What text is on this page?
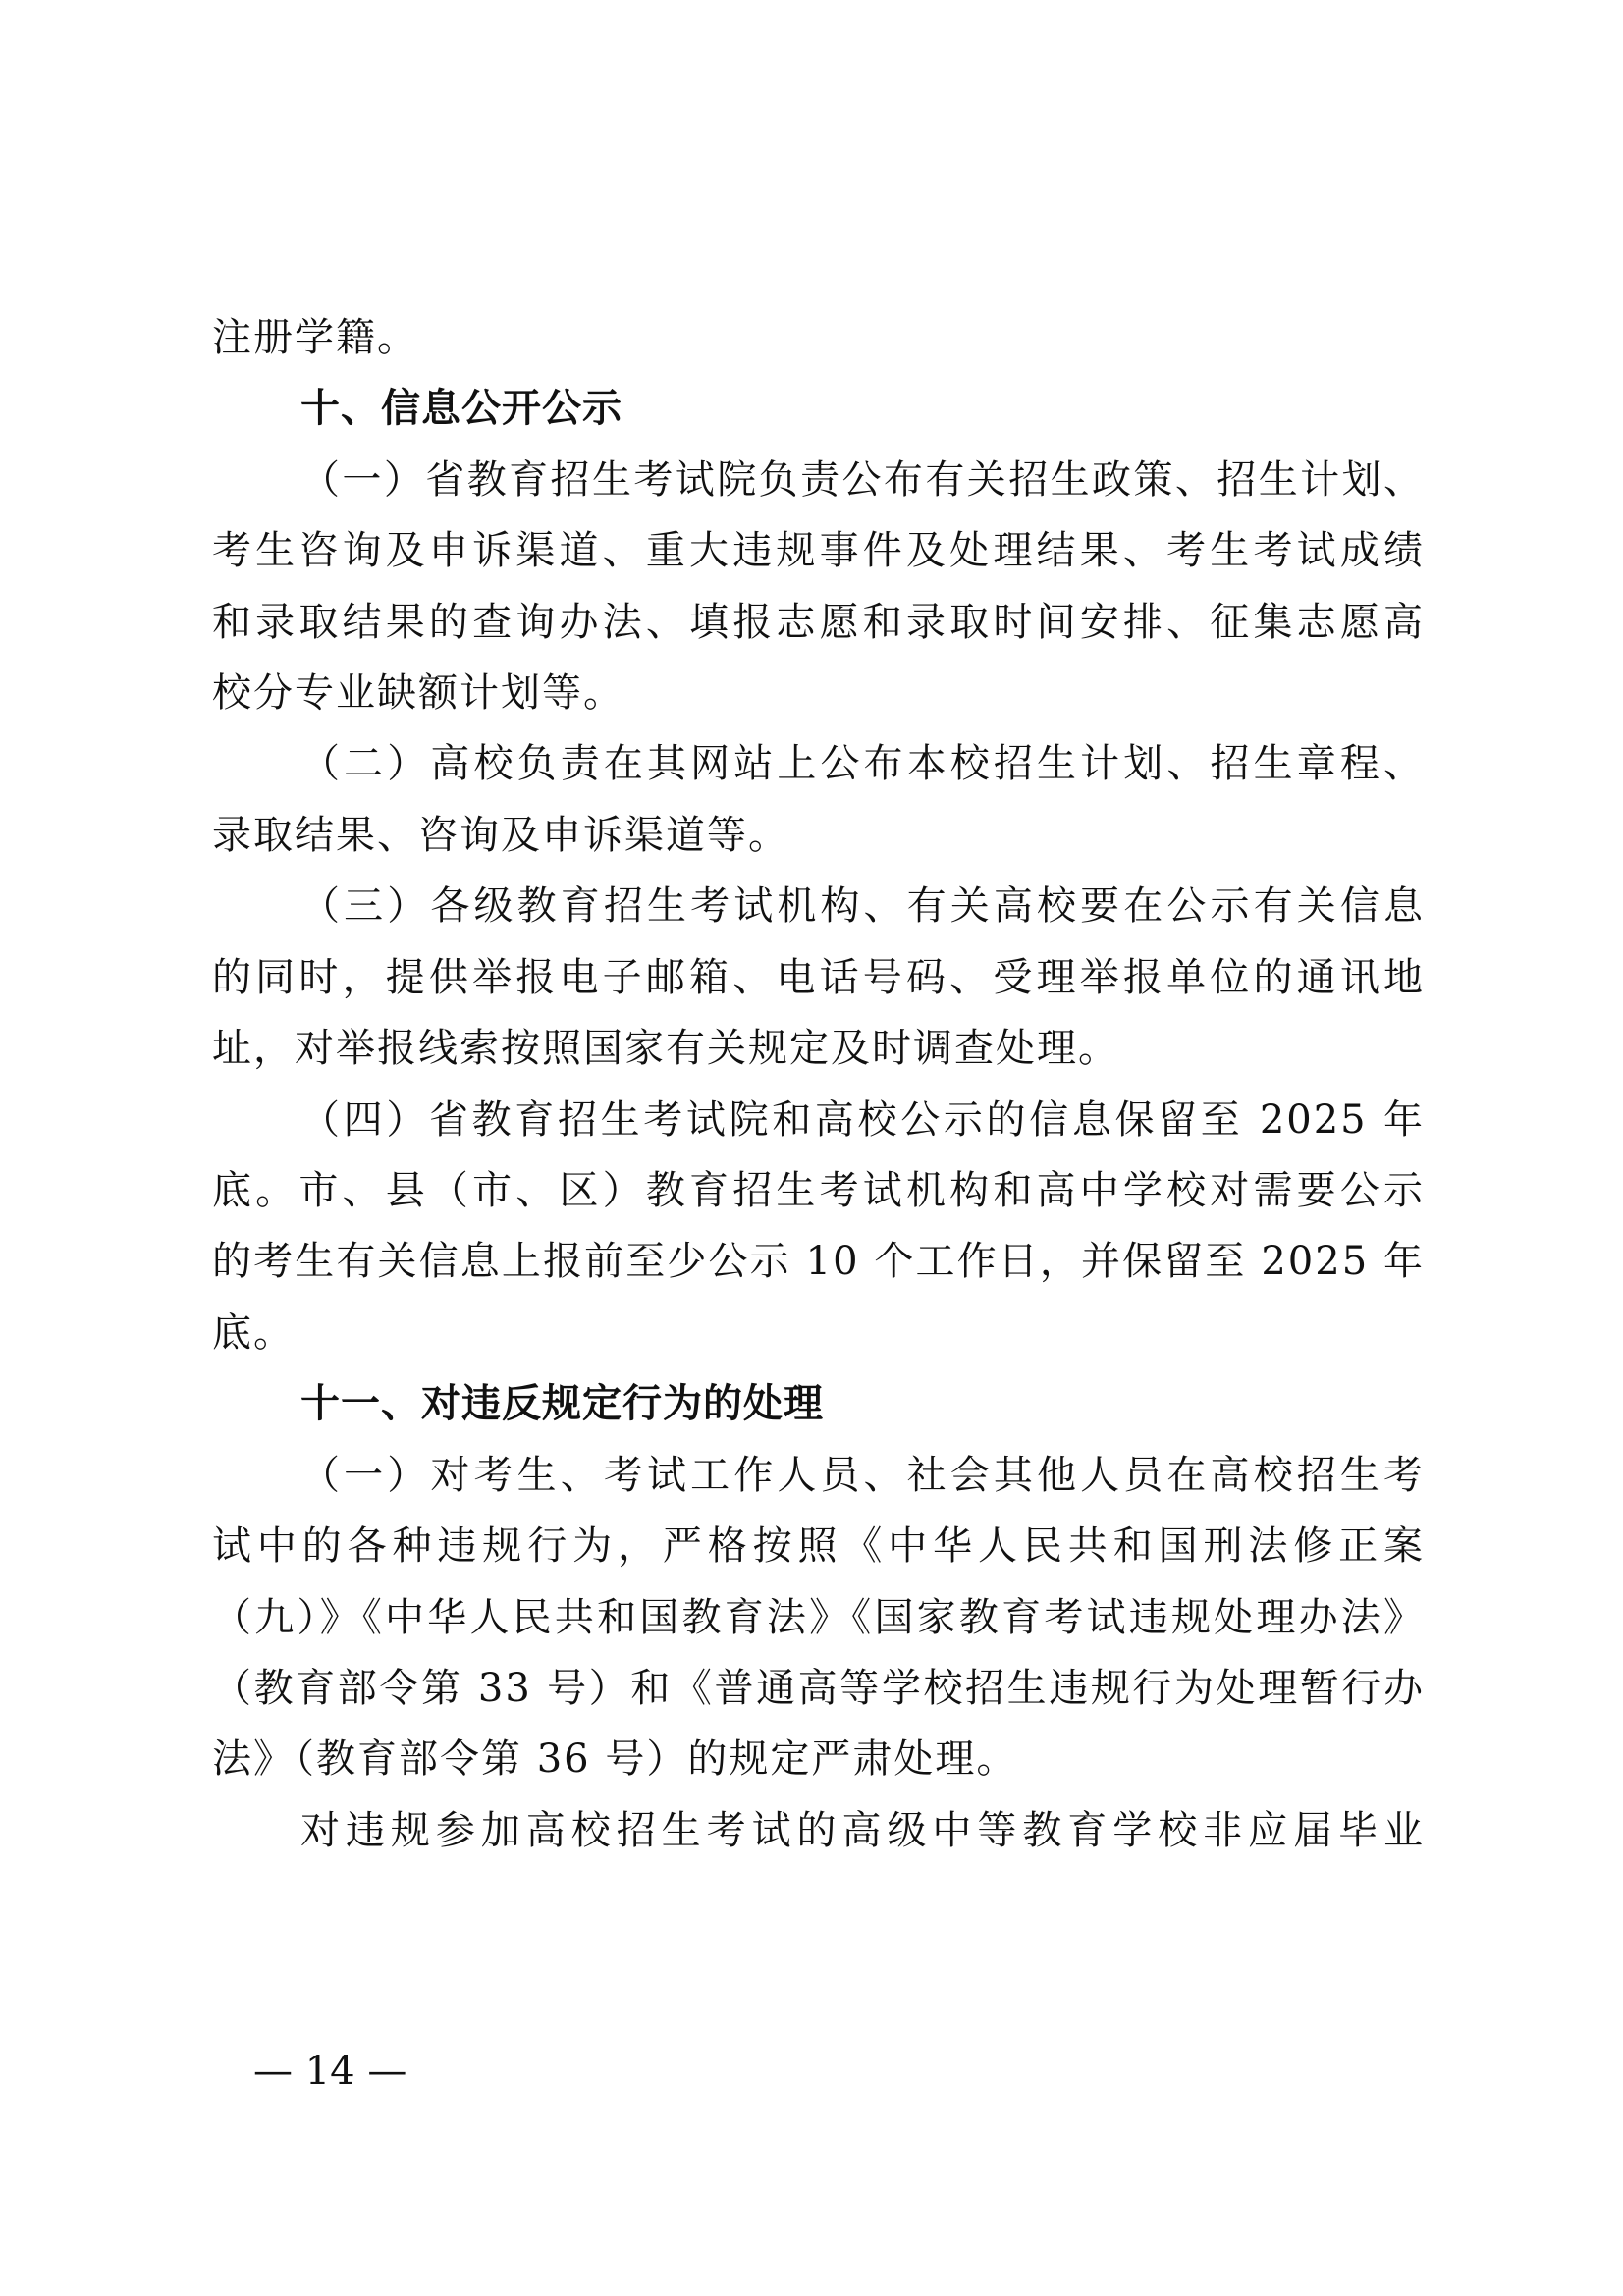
注册学籍。
十、信息公开公示
（一）省教育招生考试院负责公布有关招生政策、招生计划、
考生咨询及申诉渠道、重大违规事件及处理结果、考生考试成绩
和录取结果的查询办法、填报志愿和录取时间安排、征集志愿高
校分专业缺额计划等。
（二）高校负责在其网站上公布本校招生计划、招生章程、
录取结果、咨询及申诉渠道等。
（三）各级教育招生考试机构、有关高校要在公示有关信息
的同时，提供举报电子邮箱、电话号码、受理举报单位的通讯地
址，对举报线索按照国家有关规定及时调查处理。
（四）省教育招生考试院和高校公示的信息保留至 2025 年
底。市、县（市、区）教育招生考试机构和高中学校对需要公示
的考生有关信息上报前至少公示 10 个工作日，并保留至 2025 年
底。
十一、对违反规定行为的处理
（一）对考生、考试工作人员、社会其他人员在高校招生考
试中的各种违规行为，严格按照《中华人民共和国刑法修正案
（九）》《中华人民共和国教育法》《国家教育考试违规处理办法》
（教育部令第 33 号）和《普通高等学校招生违规行为处理暂行办
法》（教育部令第 36 号）的规定严肃处理。
对违规参加高校招生考试的高级中等教育学校非应届毕业
— 14 —
